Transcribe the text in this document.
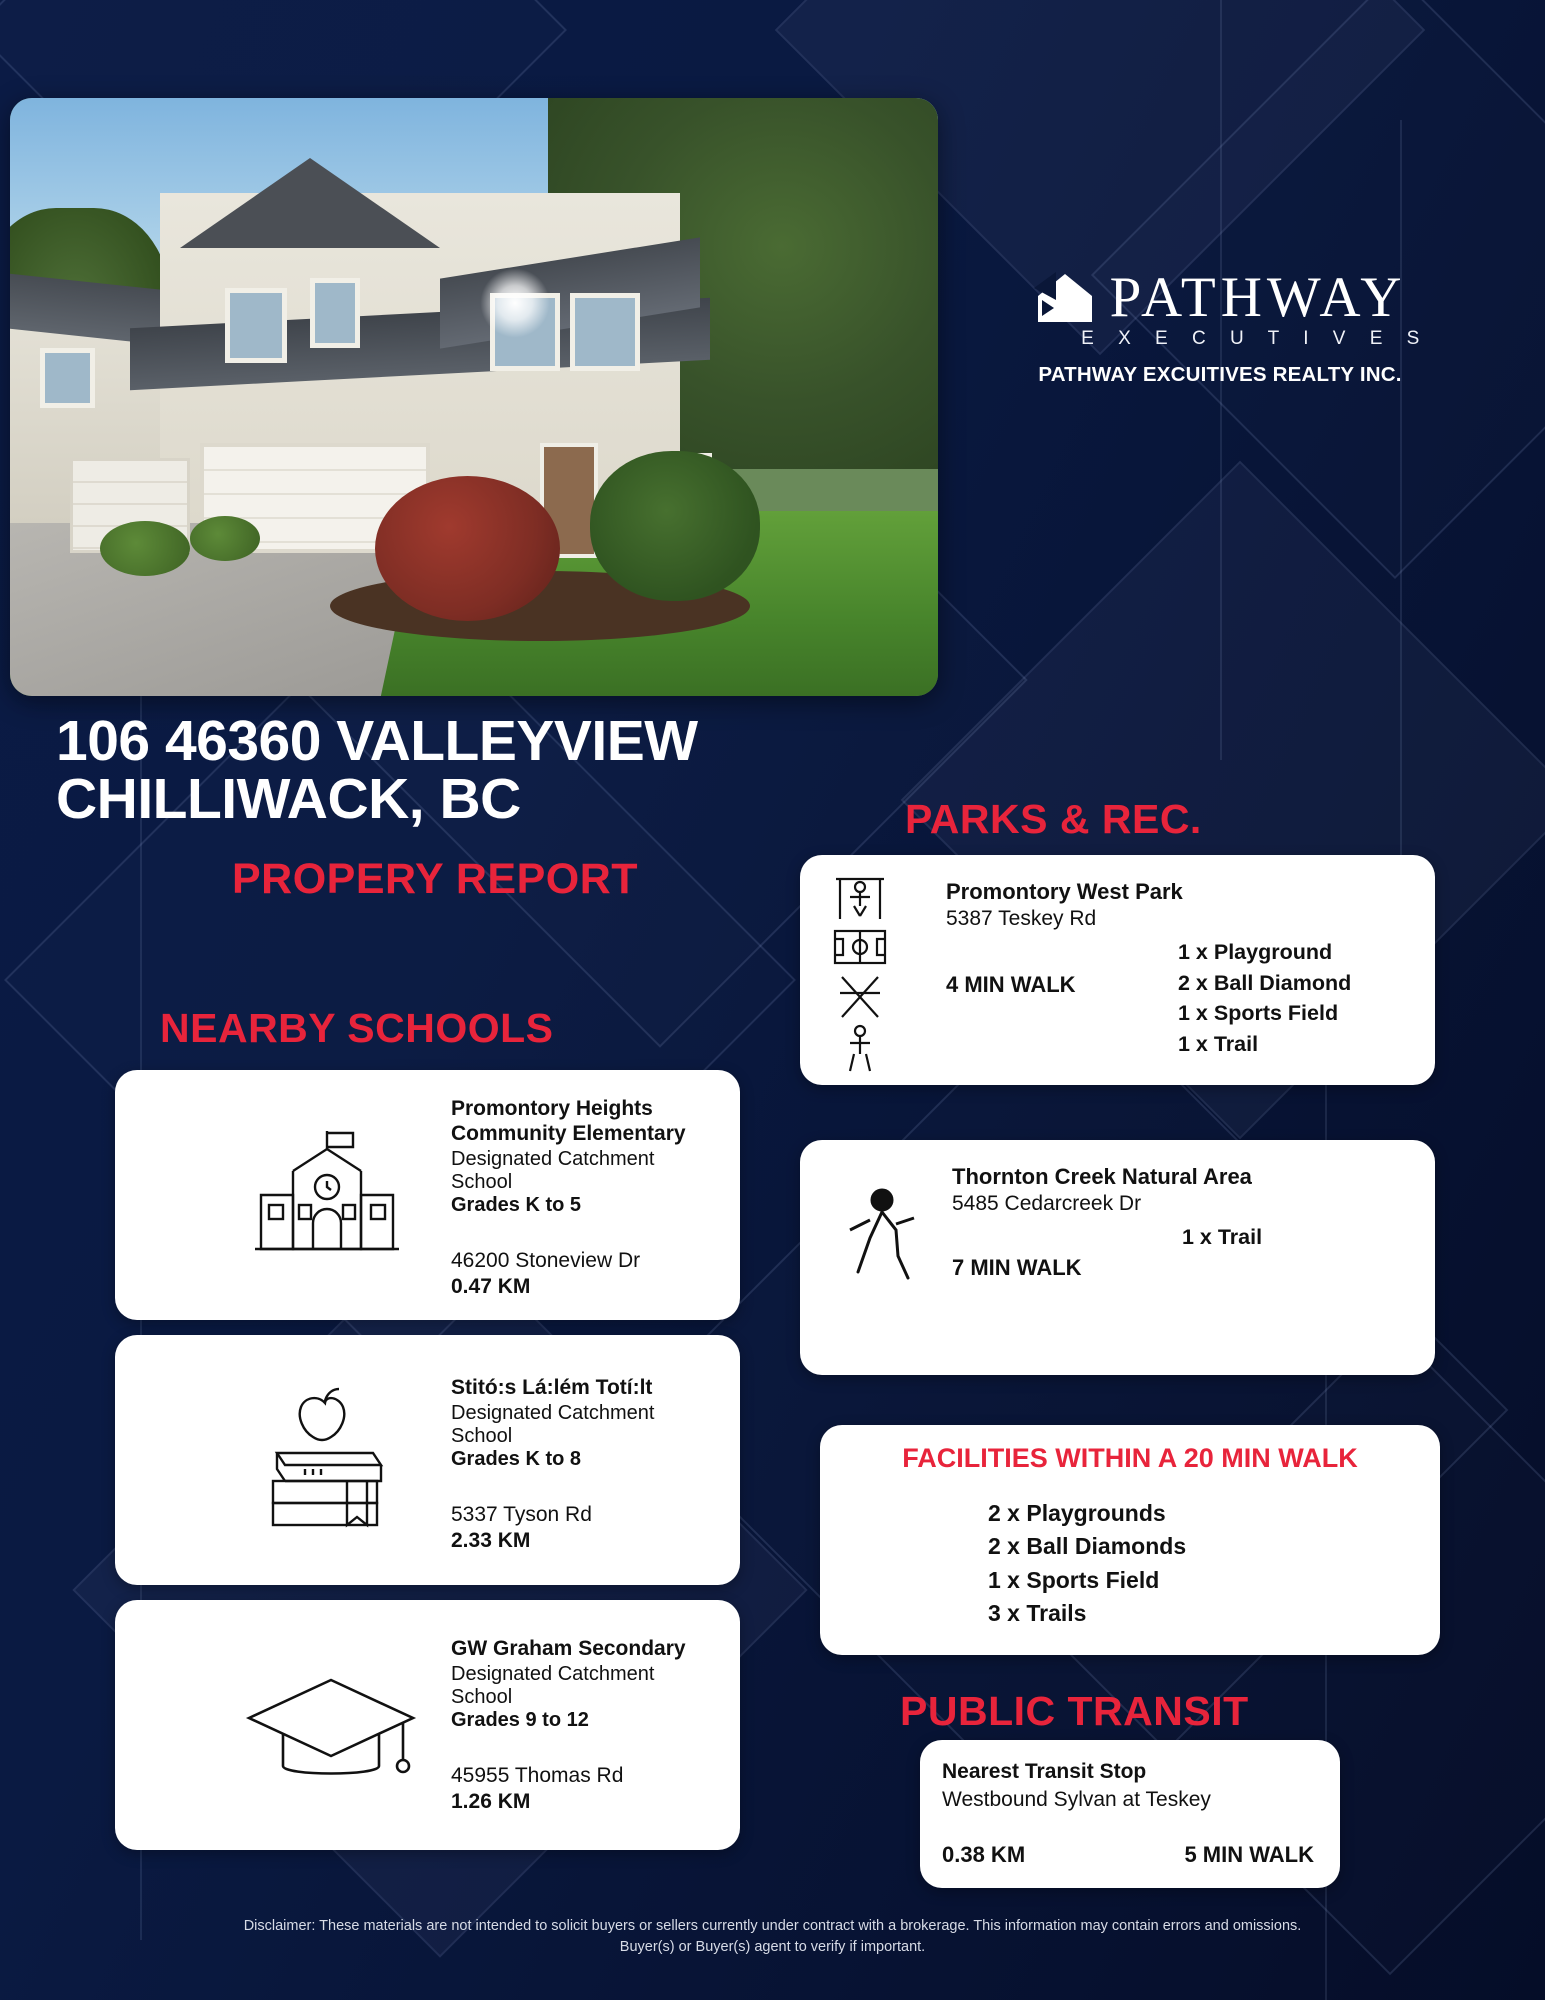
PATHWAY
E X E C U T I V E S
PATHWAY EXCUITIVES REALTY INC.
106 46360 VALLEYVIEW
CHILLIWACK, BC
PROPERY REPORT
NEARBY SCHOOLS
PARKS & REC.
PUBLIC TRANSIT
Promontory Heights Community Elementary
Designated Catchment School
Grades K to 5
46200 Stoneview Dr
0.47 KM
Stitó:s Lá:lém Totí:lt
Designated Catchment School
Grades K to 8
5337 Tyson Rd
2.33 KM
GW Graham Secondary
Designated Catchment School
Grades 9 to 12
45955 Thomas Rd
1.26 KM
Promontory West Park
5387 Teskey Rd
4 MIN WALK
1 x Playground
2 x Ball Diamond
1 x Sports Field
1 x Trail
Thornton Creek Natural Area
5485 Cedarcreek Dr
7 MIN WALK
1 x Trail
FACILITIES WITHIN A 20 MIN WALK
2 x Playgrounds
2 x Ball Diamonds
1 x Sports Field
3 x Trails
Nearest Transit Stop
Westbound Sylvan at Teskey
0.38 KM	5 MIN WALK
Disclaimer: These materials are not intended to solicit buyers or sellers currently under contract with a brokerage. This information may contain errors and omissions.
Buyer(s) or Buyer(s) agent to verify if important.
